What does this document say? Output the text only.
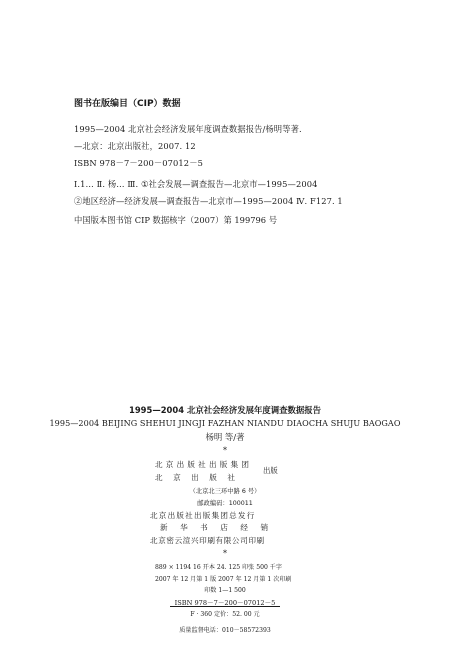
图书在版编目（CIP）数据
1995—2004 北京社会经济发展年度调查数据报告/杨明等著.
—北京：北京出版社，2007. 12
ISBN 978－7－200－07012－5
Ⅰ.1… Ⅱ. 杨… Ⅲ. ①社会发展—调查报告—北京市—1995—2004
②地区经济—经济发展—调查报告—北京市—1995—2004 Ⅳ. F127. 1
中国版本图书馆 CIP 数据核字（2007）第 199796 号
1995—2004 北京社会经济发展年度调查数据报告
1995—2004 BEIJING SHEHUI JINGJI FAZHAN NIANDU DIAOCHA SHUJU BAOGAO
杨明 等/著
*
北京出版社出版集团
北京出版社
出版
（北京北三环中路 6 号）
邮政编码：100011
北京出版社出版集团总发行
新华书店经销
北京密云渲兴印刷有限公司印刷
*
889 × 1194 16 开本 24. 125 印张 500 千字
2007 年 12 月第 1 版 2007 年 12 月第 1 次印刷
印数 1—1 500
ISBN 978－7－200－07012－5
F · 360 定价：52. 00 元
质量监督电话：010－58572393
